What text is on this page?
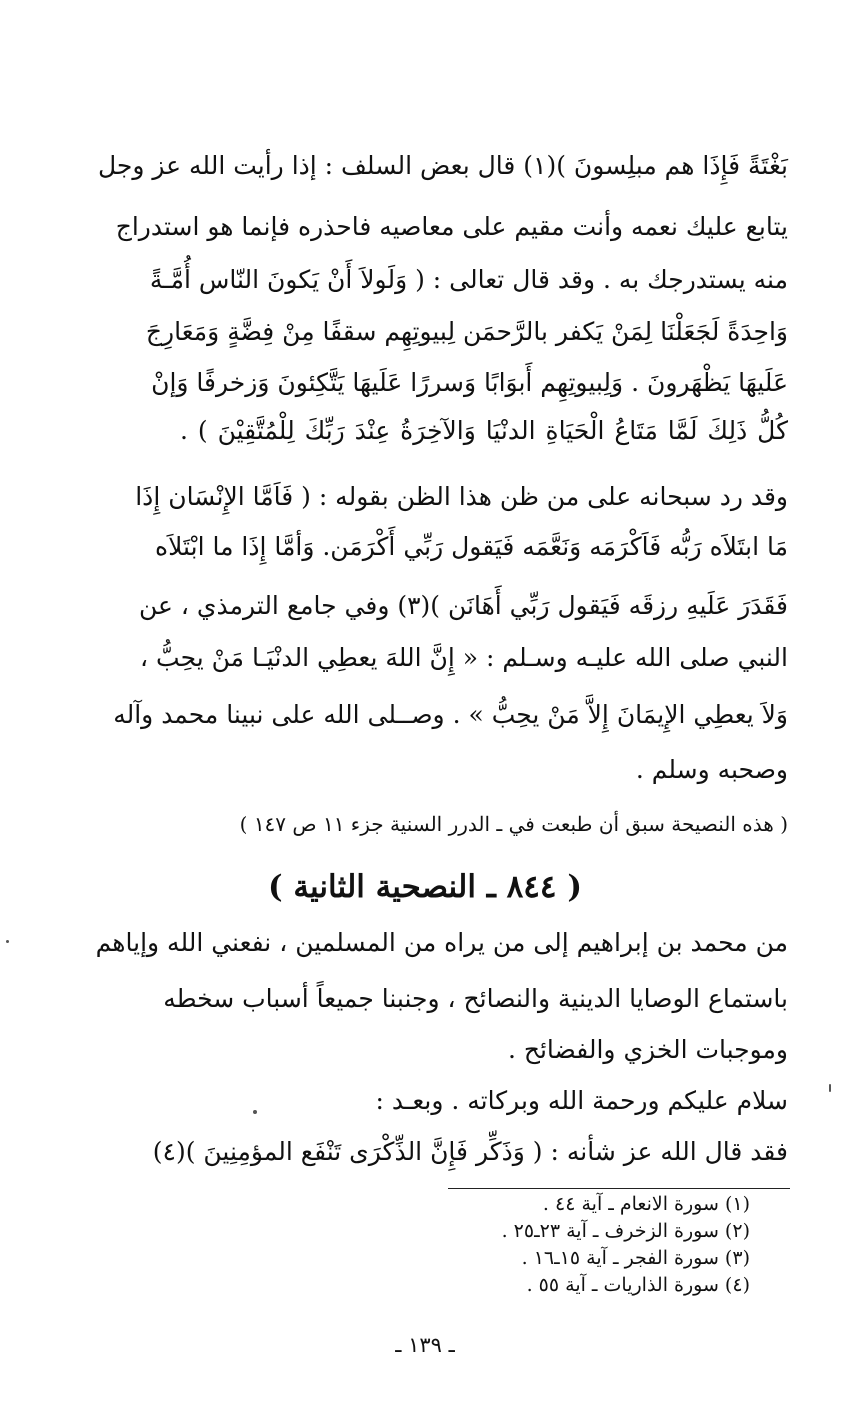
بَغْتَةً فَإِذَا هم مبلِسونَ )(١) قال بعض السلف : إذا رأيت الله عز وجل
يتابع عليك نعمه وأنت مقيم على معاصيه فاحذره فإنما هو استدراج
منه يستدرجك به . وقد قال تعالى : ( وَلَولاَ أَنْ يَكونَ النّاس أُمَّـةً
وَاحِدَةً لَجَعَلْنَا لِمَنْ يَكفر بالرَّحمَن لِبيوتِهِم سقفًا مِنْ فِضَّةٍ وَمَعَارِجَ
عَلَيهَا يَظْهَرونَ . وَلِبيوتِهِم أَبوَابًا وَسررًا عَلَيهَا يَتَّكِئونَ وَزخرفًا وَإنْ
كُلُّ ذَلِكَ لَمَّا مَتَاعُ الْحَيَاةِ الدنْيَا وَالآخِرَةُ عِنْدَ رَبِّكَ لِلْمُتَّقِيْنَ ) .
وقد رد سبحانه على من ظن هذا الظن بقوله : ( فَاَمَّا الإِنْسَان إِذَا
مَا ابتَلاَه رَبُّه فَاَكْرَمَه وَنَعَّمَه فَيَقول رَبِّي أَكْرَمَن. وَأمَّا إِذَا ما ابْتَلاَه
فَقَدَرَ عَلَيهِ رزقَه فَيَقول رَبِّي أَهَانَن )(٣) وفي جامع الترمذي ، عن
النبي صلى الله عليـه وسـلم : « إِنَّ اللهَ يعطِي الدنْيَـا مَنْ يحِبُّ ،
وَلاَ يعطِي الإِيمَانَ إِلاَّ مَنْ يحِبُّ » . وصــلى الله على نبينا محمد وآله
وصحبه وسلم .
( هذه النصيحة سبق أن طبعت في ـ الدرر السنية جزء ١١ ص ١٤٧ )
( ٨٤٤ ـ النصحية الثانية )
من محمد بن إبراهيم إلى من يراه من المسلمين ، نفعني الله وإياهم
باستماع الوصايا الدينية والنصائح ، وجنبنا جميعاً أسباب سخطه
وموجبات الخزي والفضائح .
سلام عليكم ورحمة الله وبركاته . وبعـد :
فقد قال الله عز شأنه : ( وَذَكِّر فَإِنَّ الذِّكْرَى تَنْفَع المؤمِنِينَ )(٤)
(١) سورة الانعام ـ آية ٤٤ .
(٢) سورة الزخرف ـ آية ٢٣ـ٢٥ .
(٣) سورة الفجر ـ آية ١٥ـ١٦ .
(٤) سورة الذاريات ـ آية ٥٥ .
ـ ١٣٩ ـ
